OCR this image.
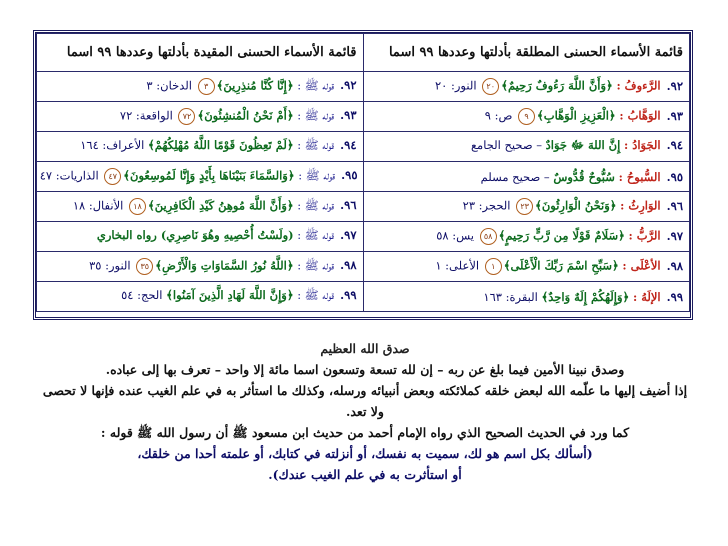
قائمة الأسماء الحسنى المقيدة بأدلتها وعددها ٩٩ اسما	قائمة الأسماء الحسنى المطلقة بأدلتها وعددها ٩٩ اسما
٩٢.قوله ﷺ : ﴿إِنَّا كُنَّا مُنذِرِينَ﴾٣ الدخان: ٣	٩٢.الرَّءوفُ : ﴿وَأَنَّ اللَّهَ رَءُوفٌ رَحِيمٌ﴾٢٠ النور: ٢٠
٩٣.قوله ﷺ : ﴿أَمْ نَحْنُ الْمُنشِئُونَ﴾٧٢ الواقعة: ٧٢	٩٣.الوَهَّابُ : ﴿الْعَزِيزِ الْوَهَّابِ﴾٩ ص: ٩
٩٤.قوله ﷺ : ﴿لَمْ تَعِظُونَ قَوْمًا اللَّهُ مُهْلِكُهُمْ﴾ الأعراف: ١٦٤	٩٤.الجَوَادُ : إِنَّ اللهَ ﷻ جَوَادٌ – صحيح الجامع
٩٥.قوله ﷺ : ﴿وَالسَّمَاءَ بَنَيْنَاهَا بِأَيْدٍ وَإِنَّا لَمُوسِعُونَ﴾٤٧ الذاريات: ٤٧	٩٥.السُّبوحُ : سُبُّوحٌ قُدُّوسٌ – صحيح مسلم
٩٦.قوله ﷺ : ﴿وَأَنَّ اللَّهَ مُوهِنُ كَيْدِ الْكَافِرِينَ﴾١٨ الأنفال: ١٨	٩٦.الوَارِثُ : ﴿وَنَحْنُ الْوَارِثُونَ﴾٢٣ الحجر: ٢٣
٩٧.قوله ﷺ : (ولَسْتُ أُحْصِيهِ وهُوَ نَاصِرِي) رواه البخاري	٩٧.الرَّبُّ : ﴿سَلَامٌ قَوْلًا مِن رَّبٍّ رَحِيمٍ﴾٥٨ يس: ٥٨
٩٨.قوله ﷺ : ﴿اللَّهُ نُورُ السَّمَاوَاتِ وَالْأَرْضِ﴾٣٥ النور: ٣٥	٩٨.الأعْلَى : ﴿سَبِّحِ اسْمَ رَبِّكَ الْأَعْلَى﴾١ الأعلى: ١
٩٩.قوله ﷺ : ﴿وَإِنَّ اللَّهَ لَهَادِ الَّذِينَ آمَنُوا﴾ الحج: ٥٤	٩٩.الإلَهُ : ﴿وَإِلَهُكُمْ إِلَهٌ وَاحِدٌ﴾ البقرة: ١٦٣

صدق الله العظيم

وصدق نبينا الأمين فيما بلغ عن ربه – إن لله تسعة وتسعون اسما مائة إلا واحد – تعرف بها إلى عباده.

إذا أضيف إليها ما علّمه الله لبعض خلقه كملائكته وبعض أنبيائه ورسله، وكذلك ما استأثر به في علم الغيب عنده فإنها لا تحصى ولا تعد.

كما ورد في الحديث الصحيح الذي رواه الإمام أحمد من حديث ابن مسعود ﷺ أن رسول الله ﷺ قوله :

(أسألك بكل اسم هو لك، سميت به نفسك، أو أنزلته في كتابك، أو علمته أحدا من خلقك،

أو استأثرت به في علم الغيب عندك).
